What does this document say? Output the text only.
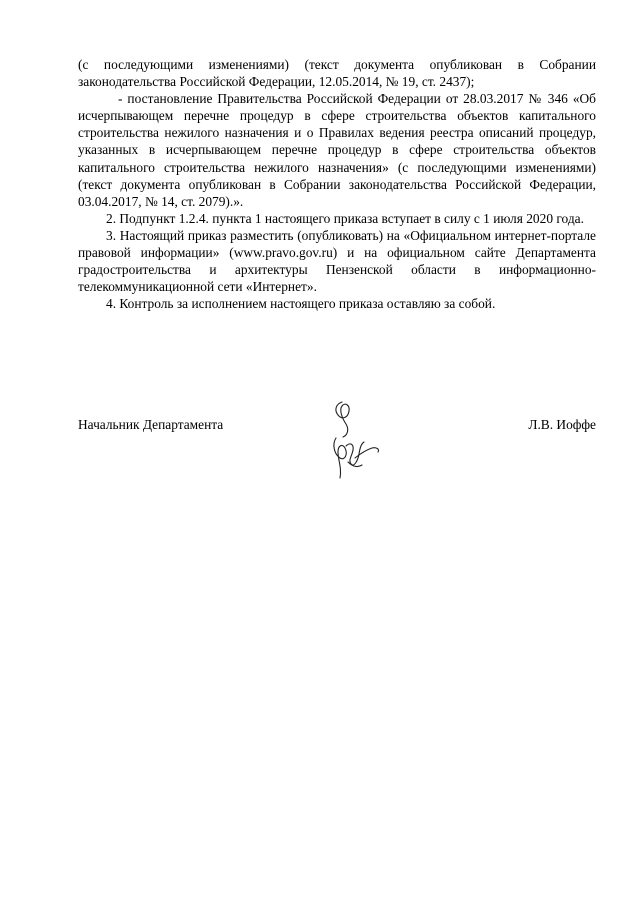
(с последующими изменениями) (текст документа опубликован в Собрании законодательства Российской Федерации, 12.05.2014, № 19, ст. 2437);

- постановление Правительства Российской Федерации от 28.03.2017 № 346 «Об исчерпывающем перечне процедур в сфере строительства объектов капитального строительства нежилого назначения и о Правилах ведения реестра описаний процедур, указанных в исчерпывающем перечне процедур в сфере строительства объектов капитального строительства нежилого назначения» (с последующими изменениями) (текст документа опубликован в Собрании законодательства Российской Федерации, 03.04.2017, № 14, ст. 2079).».

2. Подпункт 1.2.4. пункта 1 настоящего приказа вступает в силу с 1 июля 2020 года.

3. Настоящий приказ разместить (опубликовать) на «Официальном интернет-портале правовой информации» (www.pravo.gov.ru) и на официальном сайте Департамента градостроительства и архитектуры Пензенской области в информационно-телекоммуникационной сети «Интернет».

4. Контроль за исполнением настоящего приказа оставляю за собой.

Начальник Департамента	Л.В. Иоффе
